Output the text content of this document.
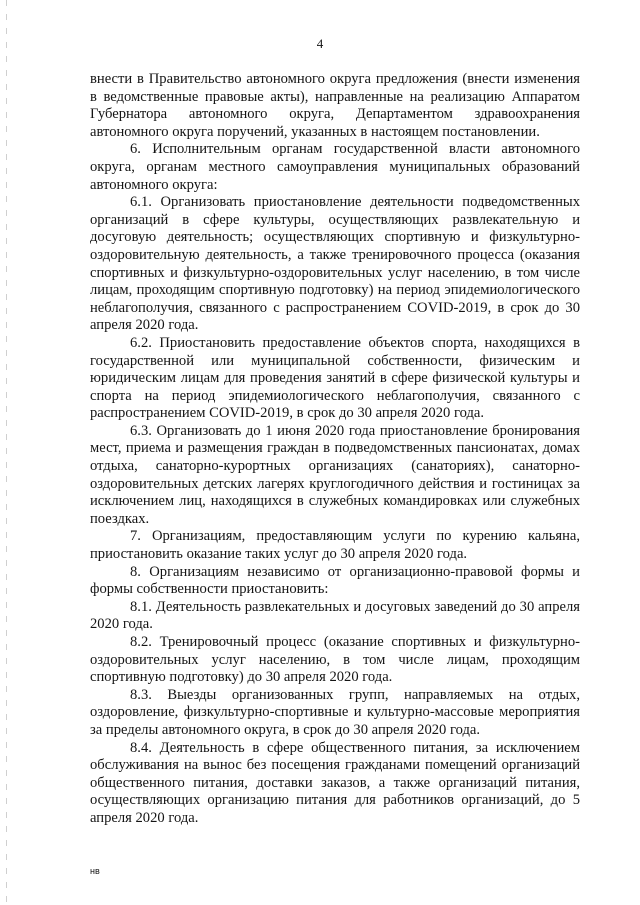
4

внести в Правительство автономного округа предложения (внести изменения в ведомственные правовые акты), направленные на реализацию Аппаратом Губернатора автономного округа, Департаментом здравоохранения автономного округа поручений, указанных в настоящем постановлении.

6. Исполнительным органам государственной власти автономного округа, органам местного самоуправления муниципальных образований автономного округа:

6.1. Организовать приостановление деятельности подведомственных организаций в сфере культуры, осуществляющих развлекательную и досуговую деятельность; осуществляющих спортивную и физкультурно-оздоровительную деятельность, а также тренировочного процесса (оказания спортивных и физкультурно-оздоровительных услуг населению, в том числе лицам, проходящим спортивную подготовку) на период эпидемиологического неблагополучия, связанного с распространением COVID-2019, в срок до 30 апреля 2020 года.

6.2. Приостановить предоставление объектов спорта, находящихся в государственной или муниципальной собственности, физическим и юридическим лицам для проведения занятий в сфере физической культуры и спорта на период эпидемиологического неблагополучия, связанного с распространением COVID-2019, в срок до 30 апреля 2020 года.

6.3. Организовать до 1 июня 2020 года приостановление бронирования мест, приема и размещения граждан в подведомственных пансионатах, домах отдыха, санаторно-курортных организациях (санаториях), санаторно-оздоровительных детских лагерях круглогодичного действия и гостиницах за исключением лиц, находящихся в служебных командировках или служебных поездках.

7. Организациям, предоставляющим услуги по курению кальяна, приостановить оказание таких услуг до 30 апреля 2020 года.

8. Организациям независимо от организационно-правовой формы и формы собственности приостановить:

8.1. Деятельность развлекательных и досуговых заведений до 30 апреля 2020 года.

8.2. Тренировочный процесс (оказание спортивных и физкультурно-оздоровительных услуг населению, в том числе лицам, проходящим спортивную подготовку) до 30 апреля 2020 года.

8.3. Выезды организованных групп, направляемых на отдых, оздоровление, физкультурно-спортивные и культурно-массовые мероприятия за пределы автономного округа, в срок до 30 апреля 2020 года.

8.4. Деятельность в сфере общественного питания, за исключением обслуживания на вынос без посещения гражданами помещений организаций общественного питания, доставки заказов, а также организаций питания, осуществляющих организацию питания для работников организаций, до 5 апреля 2020 года.

нв
